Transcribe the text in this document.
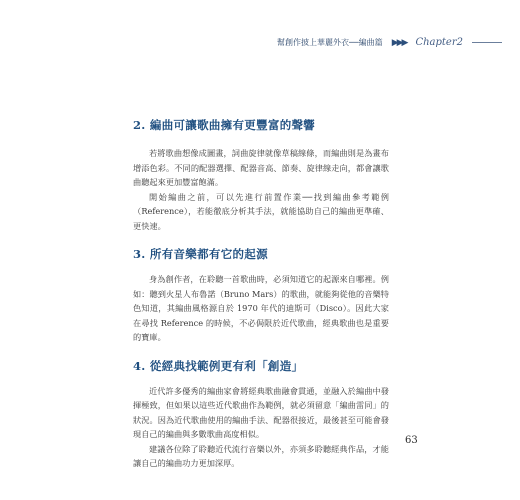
幫創作披上華麗外衣──編曲篇 ▶▶▶ Chapter2
2. 編曲可讓歌曲擁有更豐富的聲響

若將歌曲想像成圖畫，詞曲旋律就像草稿線條，而編曲則是為畫布增添色彩。不同的配器選擇、配器音高、節奏、旋律線走向，都會讓歌曲聽起來更加豐富飽滿。

開始編曲之前，可以先進行前置作業──找到編曲參考範例（Reference），若能徹底分析其手法，就能協助自己的編曲更準確、更快速。

3. 所有音樂都有它的起源

身為創作者，在聆聽一首歌曲時，必須知道它的起源來自哪裡。例如：聽到火星人布魯諾（Bruno Mars）的歌曲，就能夠從他的音樂特色知道，其編曲風格源自於 1970 年代的迪斯可（Disco）。因此大家在尋找 Reference 的時候，不必侷限於近代歌曲，經典歌曲也是重要的寶庫。

4. 從經典找範例更有利「創造」

近代許多優秀的編曲家會將經典歌曲融會貫通，並融入於編曲中發揮極致，但如果以這些近代歌曲作為範例，就必須留意「編曲雷同」的狀況。因為近代歌曲使用的編曲手法、配器很接近，最後甚至可能會發現自己的編曲與多數歌曲高度相似。

建議各位除了聆聽近代流行音樂以外，亦須多聆聽經典作品，才能讓自己的編曲功力更加深厚。

63
